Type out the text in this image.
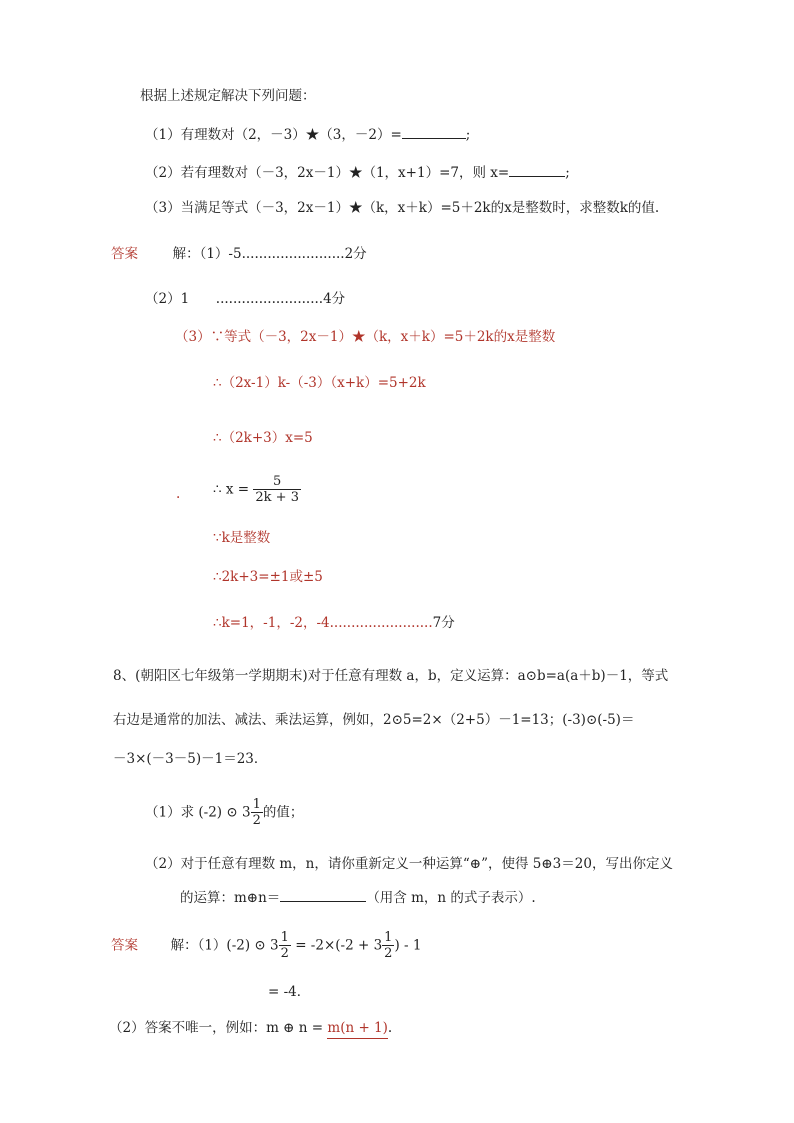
根据上述规定解决下列问题：
（1）有理数对（2，－3）★（3，－2）=	;
（2）若有理数对（－3，2x－1）★（1，x+1）=7，则 x=	;
（3）当满足等式（－3，2x－1）★（k，x＋k）=5＋2k的x是整数时，求整数k的值.
答案	解：（1）-5........................2分
（2）1 .........................4分
（3）∵等式（－3，2x－1）★（k，x＋k）=5＋2k的x是整数
∴（2x-1）k-（-3）（x+k）=5+2k
∴（2k+3）x=5
. ∴ $x = \frac{5}{2k + 3}$
∵k是整数
∴2k+3=±1或±5
∴k=1，-1，-2，-4........................7分
8、(朝阳区七年级第一学期期末)对于任意有理数 a，b，定义运算：a⊙b=a(a＋b)－1，等式
右边是通常的加法、减法、乘法运算，例如，2⊙5=2×（2+5）－1=13；(-3)⊙(-5)＝
－3×(－3－5)－1＝23．
（1）求 (-2) ⊙ $3 \frac{1}{2}$ 的值；
（2）对于任意有理数 m，n，请你重新定义一种运算“⊕”，使得 5⊕3＝20，写出你定义
的运算：m⊕n＝	（用含 m，n 的式子表示）.
答案 解：（1）(-2) ⊙ $3 \frac{1}{2} = -2\times(-2 + 3 \frac{1}{2}$ ) - 1
= -4．
（2）答案不唯一，例如：m ⊕ n = m(n + 1).
